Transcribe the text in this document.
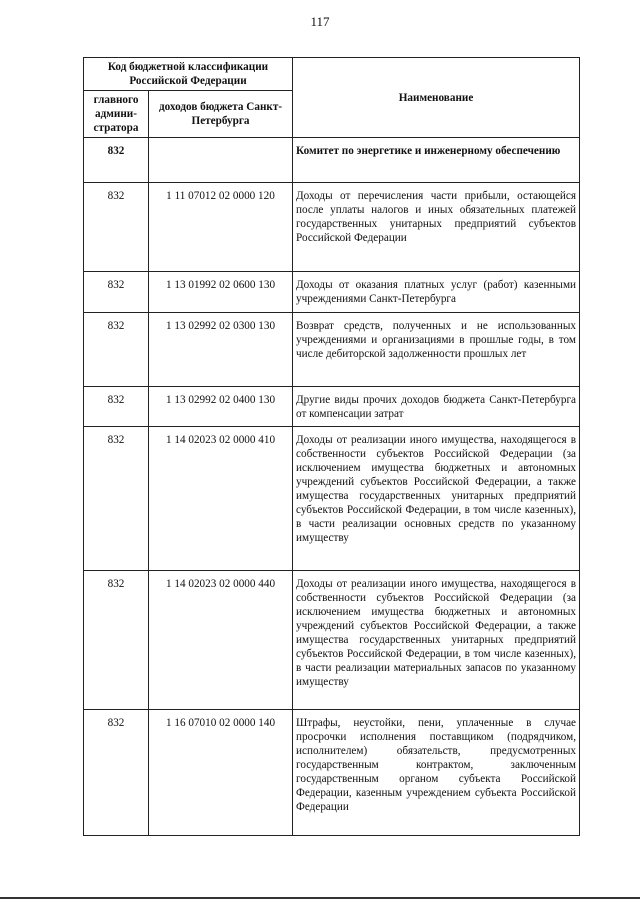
117
Код бюджетной классификации Российской Федерации		Наименование
главного админи-стратора	доходов бюджета Санкт-Петербурга	
832		Комитет по энергетике и инженерному обеспечению
832	1 11 07012 02 0000 120	Доходы от перечисления части прибыли, остающейся после уплаты налогов и иных обязательных платежей государственных унитарных предприятий субъектов Российской Федерации
832	1 13 01992 02 0600 130	Доходы от оказания платных услуг (работ) казенными учреждениями Санкт-Петербурга
832	1 13 02992 02 0300 130	Возврат средств, полученных и не использованных учреждениями и организациями в прошлые годы, в том числе дебиторской задолженности прошлых лет
832	1 13 02992 02 0400 130	Другие виды прочих доходов бюджета Санкт-Петербурга от компенсации затрат
832	1 14 02023 02 0000 410	Доходы от реализации иного имущества, находящегося в собственности субъектов Российской Федерации (за исключением имущества бюджетных и автономных учреждений субъектов Российской Федерации, а также имущества государственных унитарных предприятий субъектов Российской Федерации, в том числе казенных), в части реализации основных средств по указанному имуществу
832	1 14 02023 02 0000 440	Доходы от реализации иного имущества, находящегося в собственности субъектов Российской Федерации (за исключением имущества бюджетных и автономных учреждений субъектов Российской Федерации, а также имущества государственных унитарных предприятий субъектов Российской Федерации, в том числе казенных), в части реализации материальных запасов по указанному имуществу
832	1 16 07010 02 0000 140	Штрафы, неустойки, пени, уплаченные в случае просрочки исполнения поставщиком (подрядчиком, исполнителем) обязательств, предусмотренных государственным контрактом, заключенным государственным органом субъекта Российской Федерации, казенным учреждением субъекта Российской Федерации
